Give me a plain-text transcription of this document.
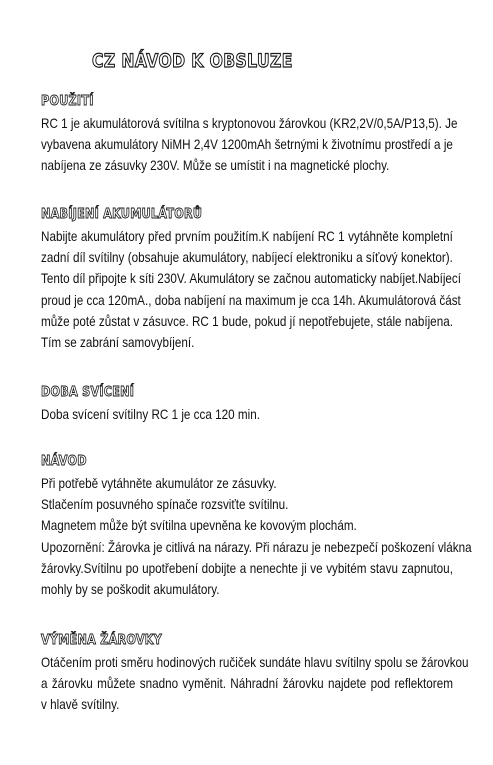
CZ NÁVOD K OBSLUZE
POUŽITÍ
RC 1 je akumulátorová svítilna s kryptonovou žárovkou (KR2,2V/0,5A/P13,5). Je
vybavena akumulátory NiMH 2,4V 1200mAh šetrnými k životnímu prostředí a je
nabíjena ze zásuvky 230V. Může se umístit i na magnetické plochy.
NABÍJENÍ AKUMULÁTORŮ
Nabijte akumulátory před prvním použitím.K nabíjení RC 1 vytáhněte kompletní
zadní díl svítilny (obsahuje akumulátory, nabíjecí elektroniku a síťový konektor).
Tento díl připojte k síti 230V. Akumulátory se začnou automaticky nabíjet.Nabíjecí
proud je cca 120mA., doba nabíjení na maximum je cca 14h. Akumulátorová část
může poté zůstat v zásuvce. RC 1 bude, pokud jí nepotřebujete, stále nabíjena.
Tím se zabrání samovybíjení.
DOBA SVÍCENÍ
Doba svícení svítilny RC 1 je cca 120 min.
NÁVOD
Při potřebě vytáhněte akumulátor ze zásuvky.
Stlačením posuvného spínače rozsviťte svítilnu.
Magnetem může být svítilna upevněna ke kovovým plochám.
Upozornění: Žárovka je citlivá na nárazy. Při nárazu je nebezpečí poškození vlákna
žárovky.Svítilnu po upotřebení dobijte a nenechte ji ve vybitém stavu zapnutou,
mohly by se poškodit akumulátory.
VÝMĚNA ŽÁROVKY
Otáčením proti směru hodinových ručiček sundáte hlavu svítilny spolu se žárovkou
a žárovku můžete snadno vyměnit. Náhradní žárovku najdete pod reflektorem
v hlavě svítilny.
